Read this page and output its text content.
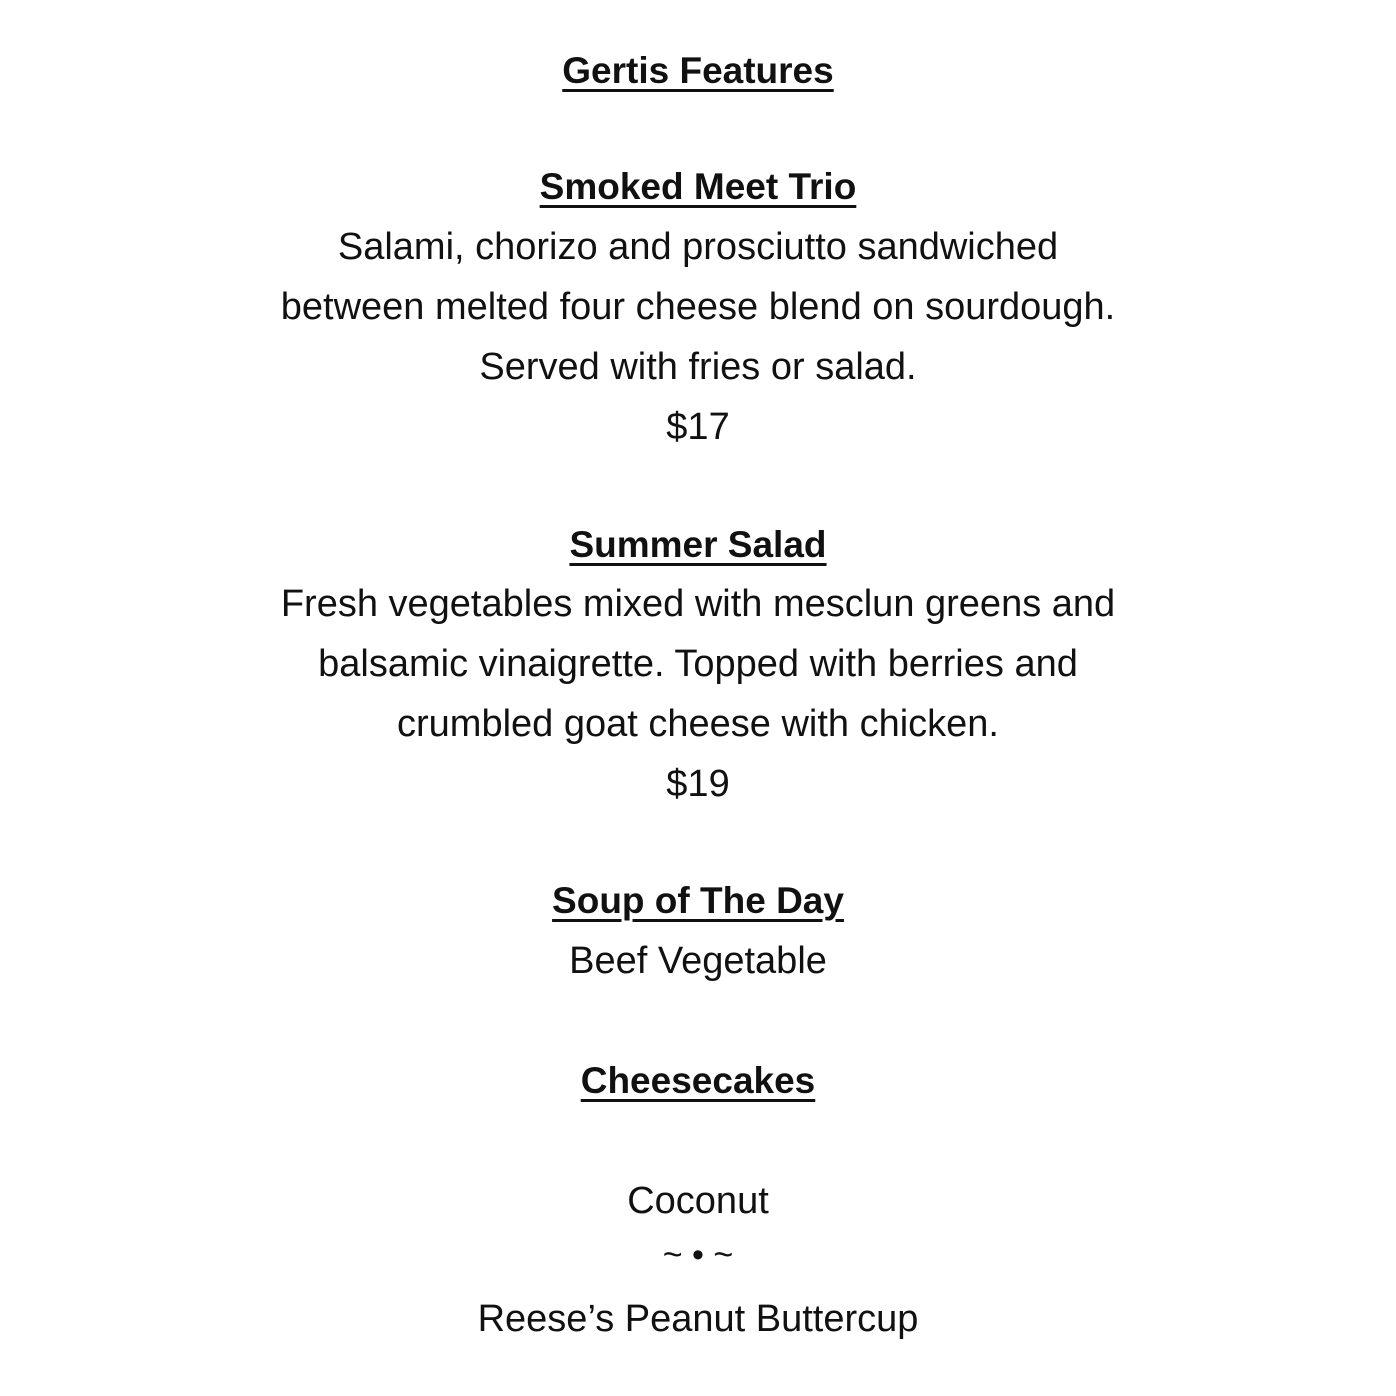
Gertis Features
Smoked Meet Trio
Salami, chorizo and prosciutto sandwiched
between melted four cheese blend on sourdough.
Served with fries or salad.
$17
Summer Salad
Fresh vegetables mixed with mesclun greens and
balsamic vinaigrette. Topped with berries and
crumbled goat cheese with chicken.
$19
Soup of The Day
Beef Vegetable
Cheesecakes
Coconut
~ • ~
Reese’s Peanut Buttercup
